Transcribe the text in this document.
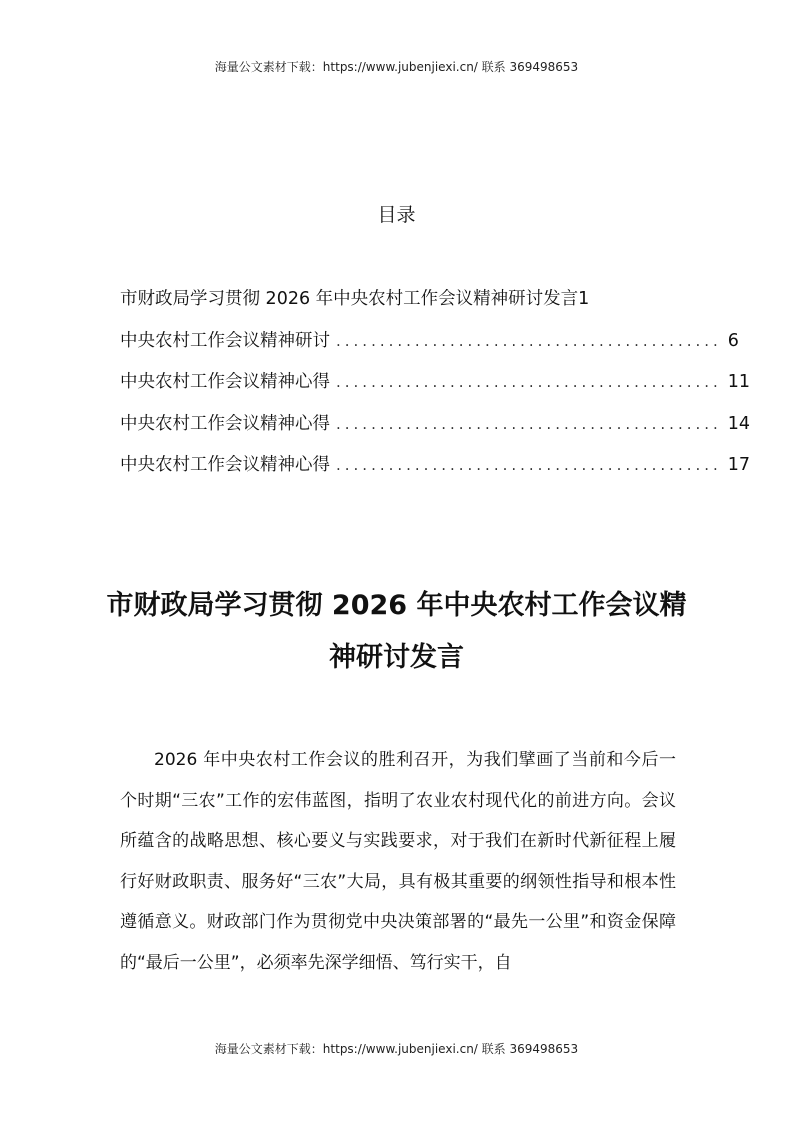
海量公文素材下载：https://www.jubenjiexi.cn/ 联系 369498653
目录
市财政局学习贯彻 2026 年中央农村工作会议精神研讨发言 1
中央农村工作会议精神研讨 ............................................ 6
中央农村工作会议精神心得 ............................................ 11
中央农村工作会议精神心得 ............................................ 14
中央农村工作会议精神心得 ............................................ 17
市财政局学习贯彻 2026 年中央农村工作会议精神研讨发言

2026 年中央农村工作会议的胜利召开，为我们擘画了当前和今后一个时期“三农”工作的宏伟蓝图，指明了农业农村现代化的前进方向。会议所蕴含的战略思想、核心要义与实践要求，对于我们在新时代新征程上履行好财政职责、服务好“三农”大局，具有极其重要的纲领性指导和根本性遵循意义。财政部门作为贯彻党中央决策部署的“最先一公里”和资金保障的“最后一公里”，必须率先深学细悟、笃行实干，自

海量公文素材下载：https://www.jubenjiexi.cn/ 联系 369498653
